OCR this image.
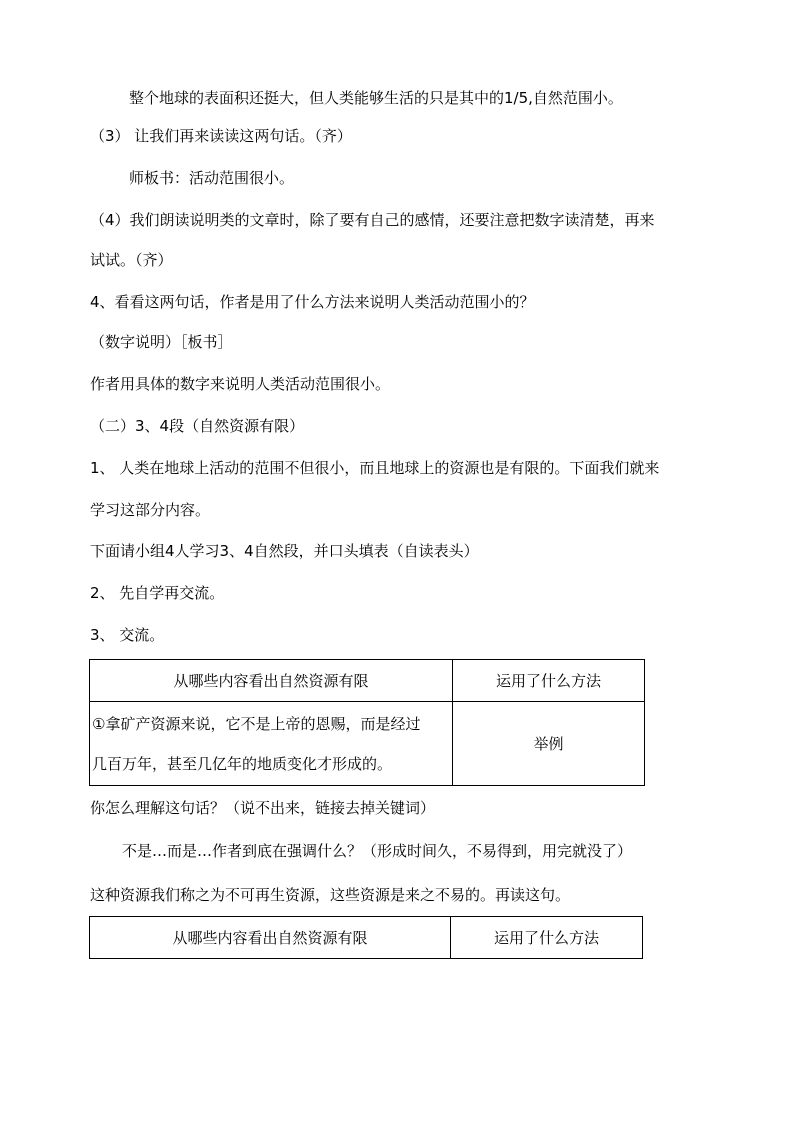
整个地球的表面积还挺大，但人类能够生活的只是其中的1/5,自然范围小。
（3） 让我们再来读读这两句话。（齐）
师板书：活动范围很小。
（4）我们朗读说明类的文章时，除了要有自己的感情，还要注意把数字读清楚，再来
试试。（齐）
4、看看这两句话，作者是用了什么方法来说明人类活动范围小的？
（数字说明）［板书］
作者用具体的数字来说明人类活动范围很小。
（二）3、4段（自然资源有限）
1、 人类在地球上活动的范围不但很小，而且地球上的资源也是有限的。下面我们就来
学习这部分内容。
下面请小组4人学习3、4自然段，并口头填表（自读表头）
2、 先自学再交流。
3、 交流。
从哪些内容看出自然资源有限	运用了什么方法

①拿矿产资源来说，它不是上帝的恩赐，而是经过
几百万年，甚至几亿年的地质变化才形成的。	举例
你怎么理解这句话？（说不出来，链接去掉关键词）
不是…而是…作者到底在强调什么？（形成时间久，不易得到，用完就没了）
这种资源我们称之为不可再生资源，这些资源是来之不易的。再读这句。
从哪些内容看出自然资源有限	运用了什么方法
